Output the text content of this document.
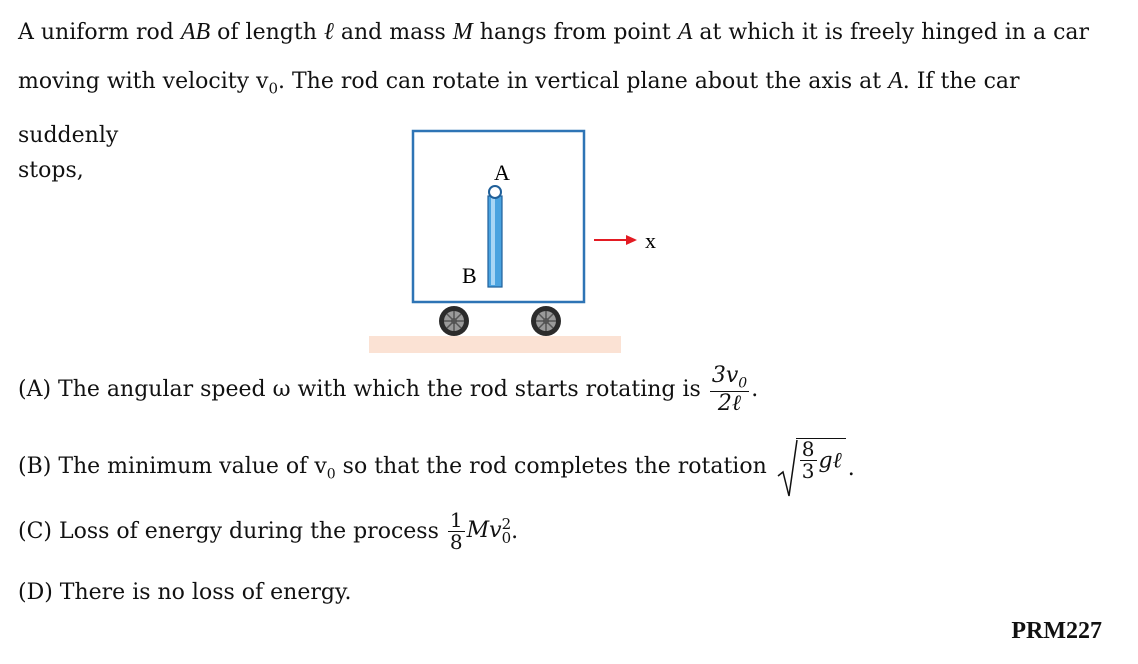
A uniform rod AB of length ℓ and mass M hangs from point A at which it is freely hinged in a car
moving with velocity $v_0$. The rod can rotate in vertical plane about the axis at A. If the car suddenly
stops,	A
B
x
(A) The angular speed ω with which the rod starts rotating is $\frac{3v_0}{\text{2ℓ}}$ .
(B) The minimum value of $v_0$ so that the rod completes the rotation $\frac{8}{3}$ gℓ .
(C) Loss of energy during the process $\frac{1}{8}$ Mv 2
0 .
(D) There is no loss of energy.
PRM227
